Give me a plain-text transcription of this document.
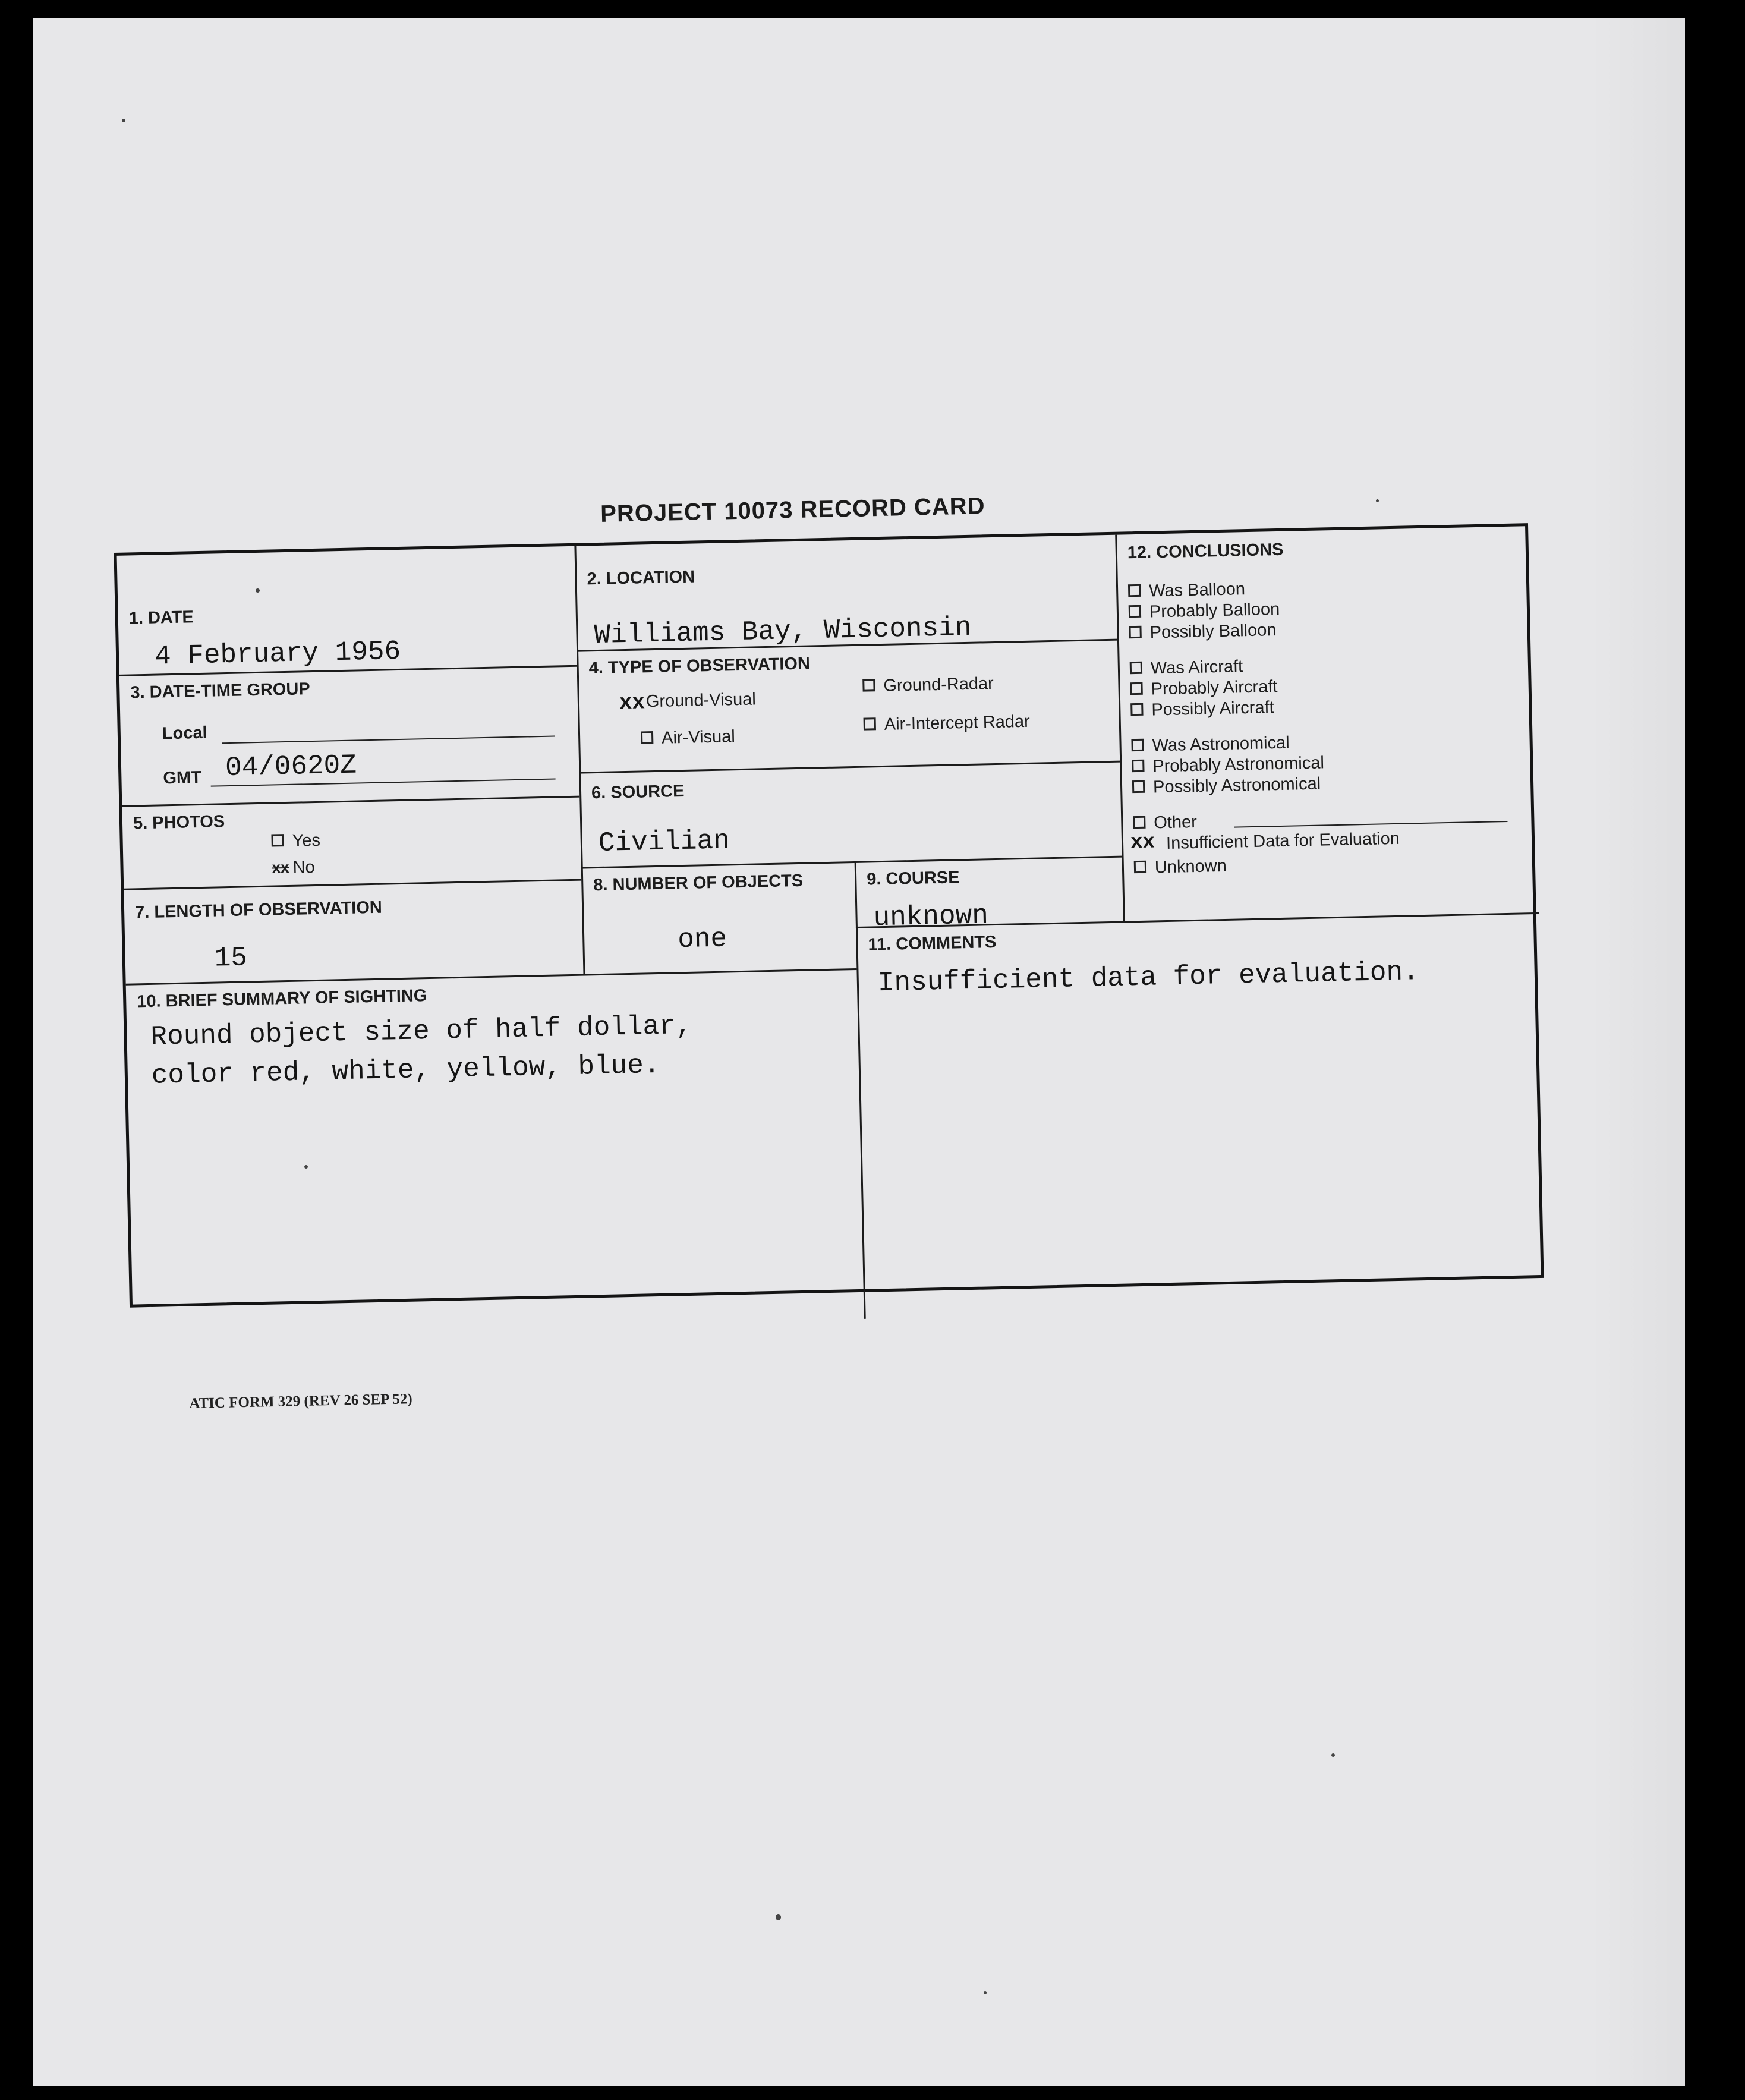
PROJECT 10073 RECORD CARD
1. DATE
4 February 1956
3. DATE-TIME GROUP
Local
GMT 04/0620Z
5. PHOTOS
Yes
xx No
7. LENGTH OF OBSERVATION
15
2. LOCATION
Williams Bay, Wisconsin
4. TYPE OF OBSERVATION
xx Ground-Visual
Ground-Radar
Air-Visual
Air-Intercept Radar
6. SOURCE
Civilian
8. NUMBER OF OBJECTS
one
9. COURSE
unknown
10. BRIEF SUMMARY OF SIGHTING
Round object size of half dollar,
color red, white, yellow, blue.
11. COMMENTS
Insufficient data for evaluation.
12. CONCLUSIONS
Was Balloon
Probably Balloon
Possibly Balloon
Was Aircraft
Probably Aircraft
Possibly Aircraft
Was Astronomical
Probably Astronomical
Possibly Astronomical
Other
xx Insufficient Data for Evaluation
Unknown
ATIC FORM 329 (REV 26 SEP 52)
